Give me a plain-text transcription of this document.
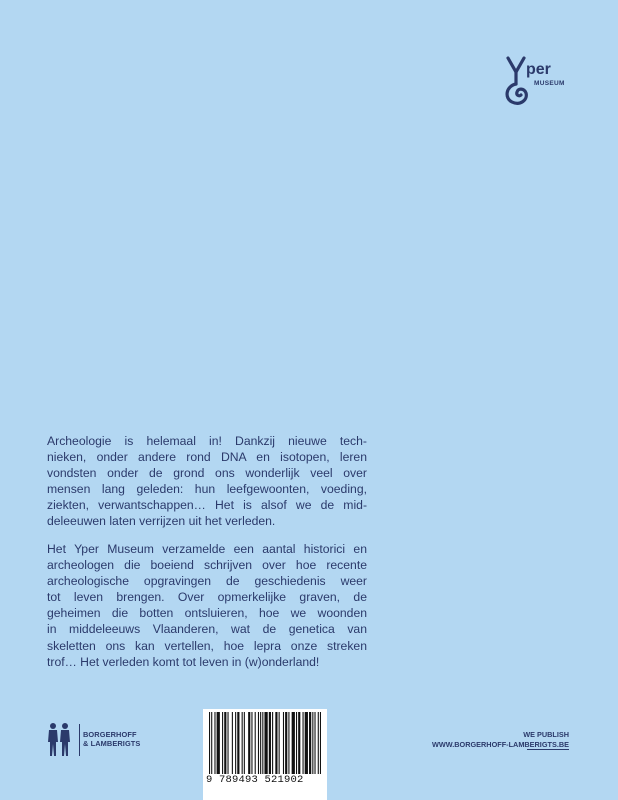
per
MUSEUM
Archeologie is helemaal in! Dankzij nieuwe tech-
nieken, onder andere rond DNA en isotopen, leren
vondsten onder de grond ons wonderlijk veel over
mensen lang geleden: hun leefgewoonten, voeding,
ziekten, verwantschappen… Het is alsof we de mid-
deleeuwen laten verrijzen uit het verleden.
Het Yper Museum verzamelde een aantal historici en
archeologen die boeiend schrijven over hoe recente
archeologische opgravingen de geschiedenis weer
tot leven brengen. Over opmerkelijke graven, de
geheimen die botten ontsluieren, hoe we woonden
in middeleeuws Vlaanderen, wat de genetica van
skeletten ons kan vertellen, hoe lepra onze streken
trof… Het verleden komt tot leven in (w)onderland!
BORGERHOFF
& LAMBERIGTS
9 789493 521902
WE PUBLISH
WWW.BORGERHOFF-LAMBERIGTS.BE
